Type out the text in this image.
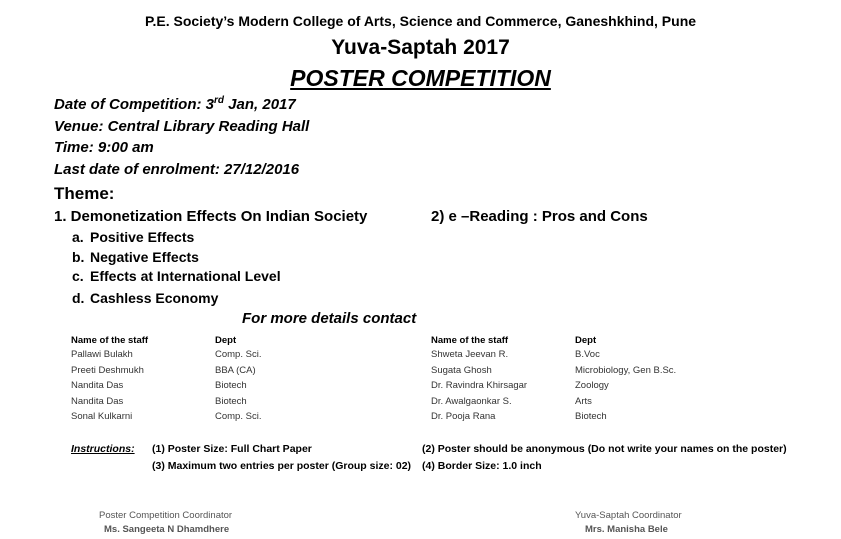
P.E. Society’s Modern College of Arts, Science and Commerce, Ganeshkhind, Pune
Yuva-Saptah 2017
POSTER COMPETITION
Date of Competition: 3rd Jan, 2017
Venue: Central Library Reading Hall
Time: 9:00 am
Last date of enrolment: 27/12/2016
Theme:
1. Demonetization Effects On Indian Society	2) e –Reading : Pros and Cons
a. Positive Effects
b. Negative Effects
c. Effects at International Level
d. Cashless Economy
For more details contact
Name of the staff	Dept
Pallawi Bulakh	Comp. Sci.
Preeti Deshmukh	BBA (CA)
Nandita Das	Biotech
Nandita Das	Biotech
Sonal Kulkarni	Comp. Sci.
Name of the staff	Dept
Shweta Jeevan R.	B.Voc
Sugata Ghosh	Microbiology, Gen B.Sc.
Dr. Ravindra Khirsagar	Zoology
Dr. Awalgaonkar S.	Arts
Dr. Pooja Rana	Biotech
Instructions: (1) Poster Size: Full Chart Paper	(2) Poster should be anonymous (Do not write your names on the poster)
(3) Maximum two entries per poster (Group size: 02) (4) Border Size: 1.0 inch
Poster Competition Coordinator
Ms. Sangeeta N Dhamdhere
Yuva-Saptah Coordinator
Mrs. Manisha Bele
